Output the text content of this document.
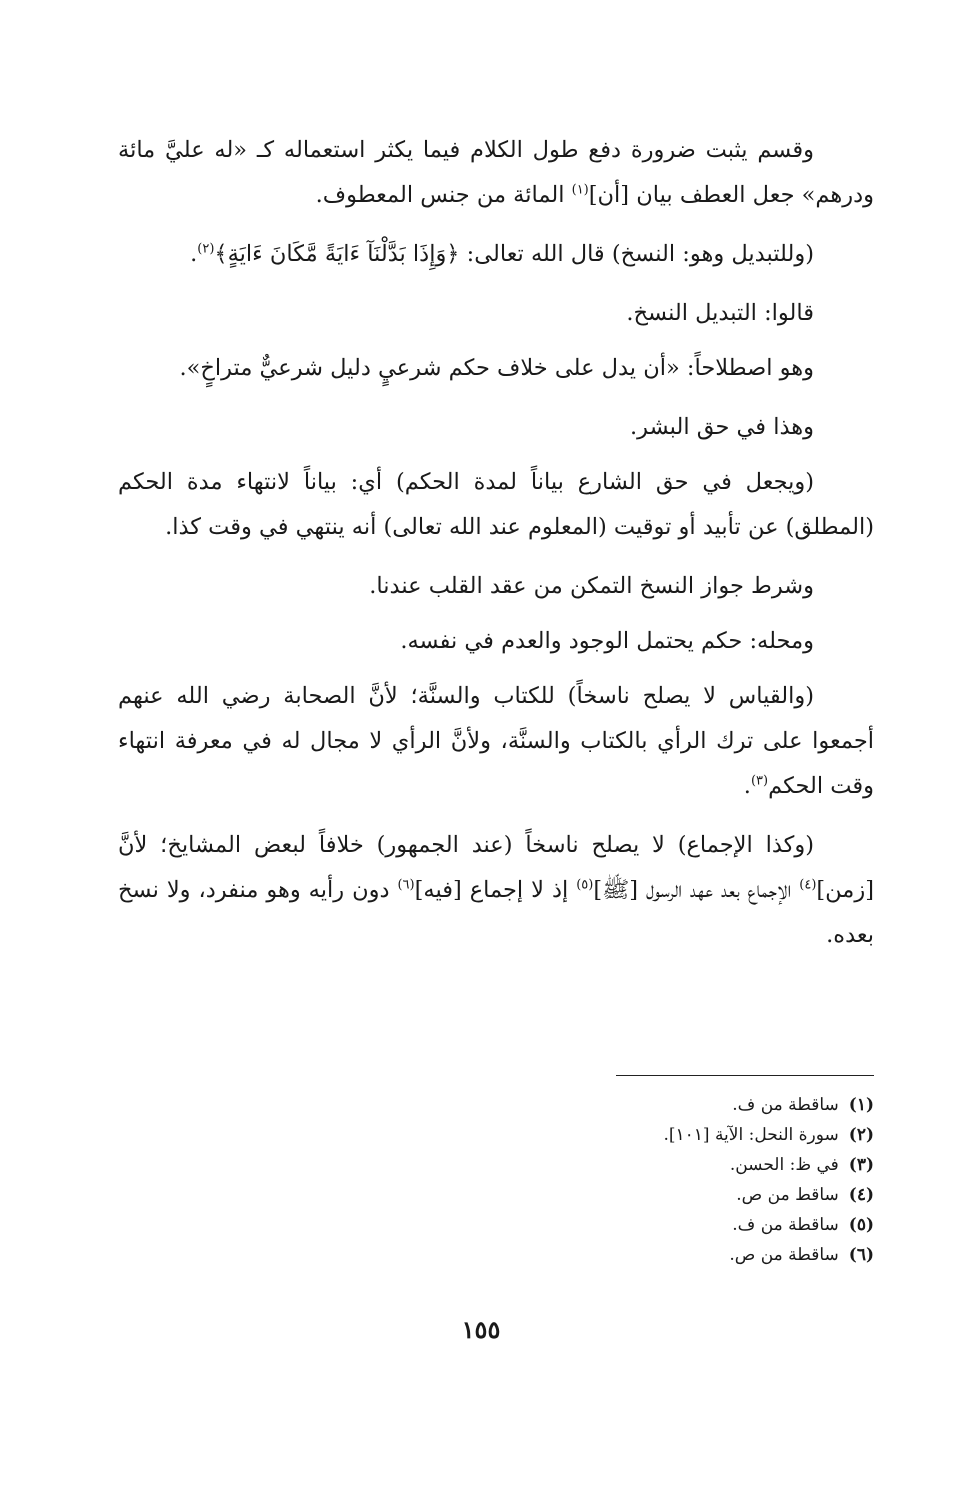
وقسم يثبت ضرورة دفع طول الكلام فيما يكثر استعماله كـ «له عليَّ مائة ودرهم» جعل العطف بيان [أن]$^{(١)}$ المائة من جنس المعطوف.

(وللتبديل وهو: النسخ) قال الله تعالى: ﴿وَإِذَا بَدَّلْنَآ ءَايَةً مَّكَانَ ءَايَةٍ﴾$^{(٢)}$.

قالوا: التبديل النسخ.

وهو اصطلاحاً: «أن يدل على خلاف حكم شرعيٍ دليل شرعيٌّ متراخٍ».

وهذا في حق البشر.

(ويجعل في حق الشارع بياناً لمدة الحكم) أي: بياناً لانتهاء مدة الحكم (المطلق) عن تأبيد أو توقيت (المعلوم عند الله تعالى) أنه ينتهي في وقت كذا.

وشرط جواز النسخ التمكن من عقد القلب عندنا.

ومحله: حكم يحتمل الوجود والعدم في نفسه.

(والقياس لا يصلح ناسخاً) للكتاب والسنَّة؛ لأنَّ الصحابة رضي الله عنهم أجمعوا على ترك الرأي بالكتاب والسنَّة، ولأنَّ الرأي لا مجال له في معرفة انتهاء وقت الحكم$^{(٣)}$.

(وكذا الإجماع) لا يصلح ناسخاً (عند الجمهور) خلافاً لبعض المشايخ؛ لأنَّ [زمن]$^{(٤)}$ الإجماع بعد عهد الرسول [ﷺ]$^{(٥)}$ إذ لا إجماع [فيه]$^{(٦)}$ دون رأيه وهو منفرد، ولا نسخ بعده.

(١)ساقطة من ف.
(٢)سورة النحل: الآية [١٠١].
(٣)في ظ: الحسن.
(٤)ساقط من ص.
(٥)ساقطة من ف.
(٦)ساقطة من ص.
١٥٥
